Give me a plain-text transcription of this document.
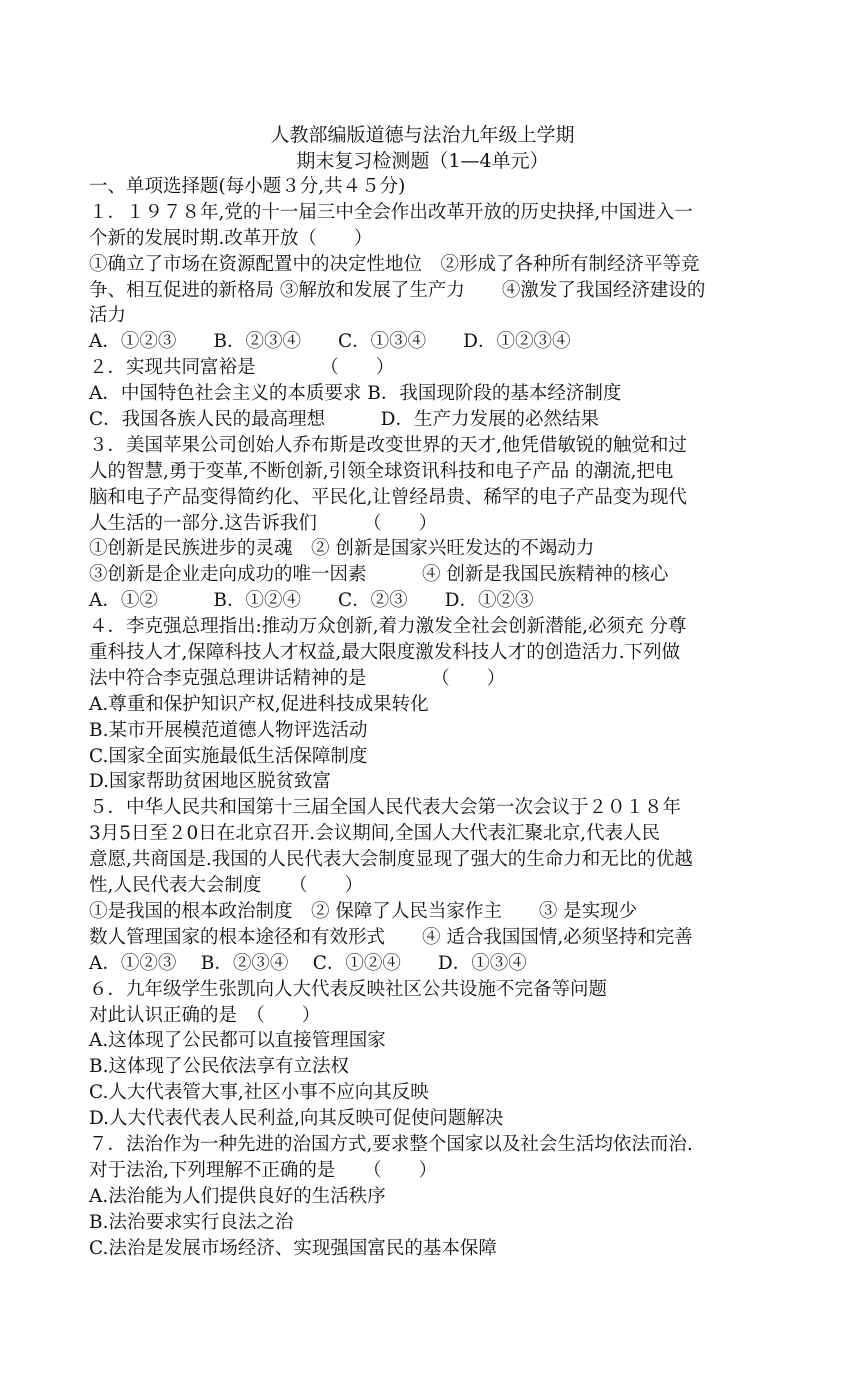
人教部编版道德与法治九年级上学期
期末复习检测题（1—4单元）
一、单项选择题(每小题３分,共４５分)
１．１９７８年,党的十一届三中全会作出改革开放的历史抉择,中国进入一
个新的发展时期.改革开放（　　）
①确立了市场在资源配置中的决定性地位　②形成了各种所有制经济平等竞
争、相互促进的新格局 ③解放和发展了生产力　　④激发了我国经济建设的
活力
A．①②③　　B．②③④　　C．①③④　　D．①②③④
２．实现共同富裕是　　　　（　　）
A．中国特色社会主义的本质要求 B．我国现阶段的基本经济制度
C．我国各族人民的最高理想　　　D．生产力发展的必然结果
３．美国苹果公司创始人乔布斯是改变世界的天才,他凭借敏锐的触觉和过
人的智慧,勇于变革,不断创新,引领全球资讯科技和电子产品 的潮流,把电
脑和电子产品变得简约化、平民化,让曾经昂贵、稀罕的电子产品变为现代
人生活的一部分.这告诉我们　　　（　　）
①创新是民族进步的灵魂　② 创新是国家兴旺发达的不竭动力
③创新是企业走向成功的唯一因素　　　④ 创新是我国民族精神的核心
A．①②　　　B．①②④　　C．②③　　D．①②③
４．李克强总理指出:推动万众创新,着力激发全社会创新潜能,必须充 分尊
重科技人才,保障科技人才权益,最大限度激发科技人才的创造活力.下列做
法中符合李克强总理讲话精神的是　　　　（　　）
A.尊重和保护知识产权,促进科技成果转化
B.某市开展模范道德人物评选活动
C.国家全面实施最低生活保障制度
D.国家帮助贫困地区脱贫致富
５．中华人民共和国第十三届全国人民代表大会第一次会议于２０１８年
3月5日至２0日在北京召开.会议期间,全国人大代表汇聚北京,代表人民
意愿,共商国是.我国的人民代表大会制度显现了强大的生命力和无比的优越
性,人民代表大会制度　　（　　）
①是我国的根本政治制度　② 保障了人民当家作主　　③ 是实现少
数人管理国家的根本途径和有效形式　　④ 适合我国国情,必须坚持和完善
A．①②③　 B．②③④　 C．①②④　　D．①③④
６．九年级学生张凯向人大代表反映社区公共设施不完备等问题
对此认识正确的是　（　　）
A.这体现了公民都可以直接管理国家
B.这体现了公民依法享有立法权
C.人大代表管大事,社区小事不应向其反映
D.人大代表代表人民利益,向其反映可促使问题解决
７．法治作为一种先进的治国方式,要求整个国家以及社会生活均依法而治.
对于法治,下列理解不正确的是　　（　　）
A.法治能为人们提供良好的生活秩序
B.法治要求实行良法之治
C.法治是发展市场经济、实现强国富民的基本保障
